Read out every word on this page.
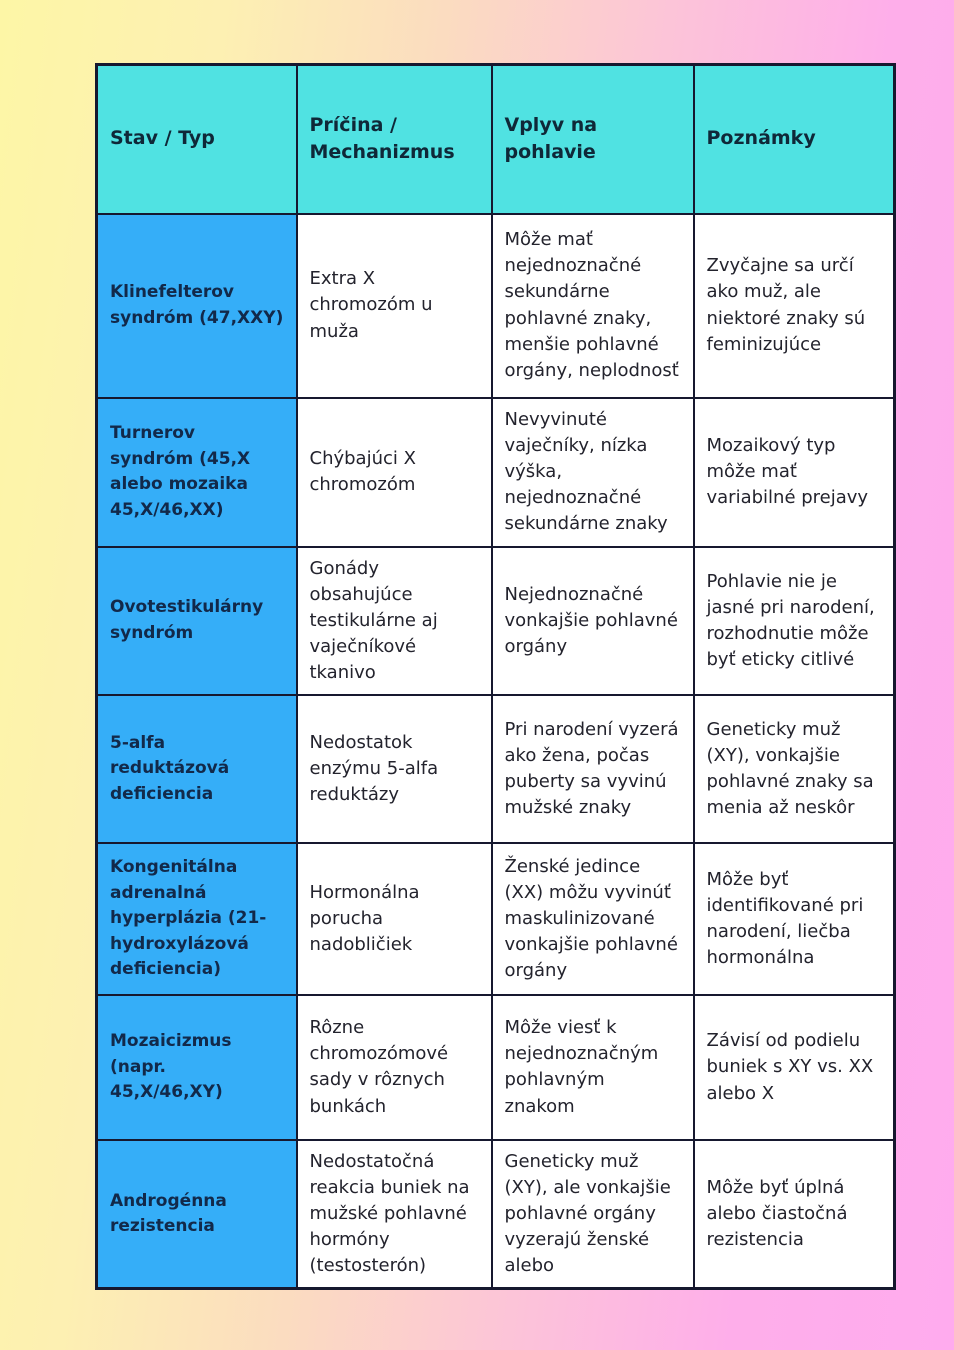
Stav / Typ	Príčina / Mechanizmus	Vplyv na pohlavie	Poznámky
Klinefelterov syndróm (47,XXY)	Extra X chromozóm u muža	Môže mať nejednoznačné sekundárne pohlavné znaky, menšie pohlavné orgány, neplodnosť	Zvyčajne sa určí ako muž, ale niektoré znaky sú feminizujúce
Turnerov syndróm (45,X alebo mozaika 45,X/46,XX)	Chýbajúci X chromozóm	Nevyvinuté vaječníky, nízka výška, nejednoznačné sekundárne znaky	Mozaikový typ môže mať variabilné prejavy
Ovotestikulárny syndróm	Gonády obsahujúce testikulárne aj vaječníkové tkanivo	Nejednoznačné vonkajšie pohlavné orgány	Pohlavie nie je jasné pri narodení, rozhodnutie môže byť eticky citlivé
5-alfa reduktázová deficiencia	Nedostatok enzýmu 5-alfa reduktázy	Pri narodení vyzerá ako žena, počas puberty sa vyvinú mužské znaky	Geneticky muž (XY), vonkajšie pohlavné znaky sa menia až neskôr
Kongenitálna adrenalná hyperplázia (21-hydroxylázová deficiencia)	Hormonálna porucha nadobličiek	Ženské jedince (XX) môžu vyvinúť maskulinizované vonkajšie pohlavné orgány	Môže byť identifikované pri narodení, liečba hormonálna
Mozaicizmus (napr. 45,X/46,XY)	Rôzne chromozómové sady v rôznych bunkách	Môže viesť k nejednoznačným pohlavným znakom	Závisí od podielu buniek s XY vs. XX alebo X
Androgénna rezistencia	Nedostatočná reakcia buniek na mužské pohlavné hormóny (testosterón)	Geneticky muž (XY), ale vonkajšie pohlavné orgány vyzerajú ženské alebo	Môže byť úplná alebo čiastočná rezistencia
